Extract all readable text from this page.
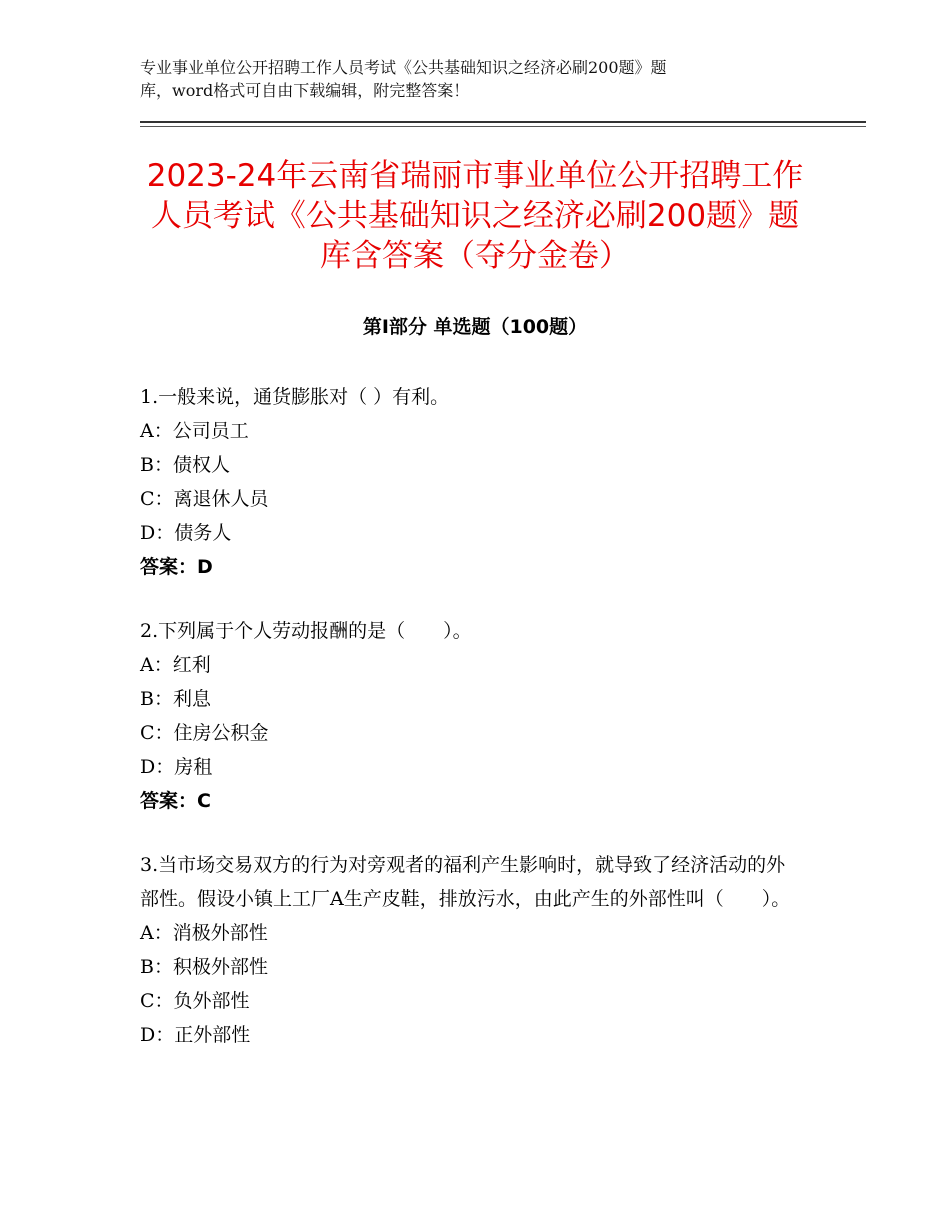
专业事业单位公开招聘工作人员考试《公共基础知识之经济必刷200题》题
库，word格式可自由下载编辑，附完整答案！
2023-24年云南省瑞丽市事业单位公开招聘工作人员考试《公共基础知识之经济必刷200题》题库含答案（夺分金卷）
第Ⅰ部分 单选题（100题）

1.一般来说，通货膨胀对（ ）有利。

A：公司员工

B：债权人

C：离退休人员

D：债务人

答案：D

2.下列属于个人劳动报酬的是（　　）。

A：红利

B：利息

C：住房公积金

D：房租

答案：C

3.当市场交易双方的行为对旁观者的福利产生影响时，就导致了经济活动的外部性。假设小镇上工厂A生产皮鞋，排放污水，由此产生的外部性叫（　　）。

A：消极外部性

B：积极外部性

C：负外部性

D：正外部性
